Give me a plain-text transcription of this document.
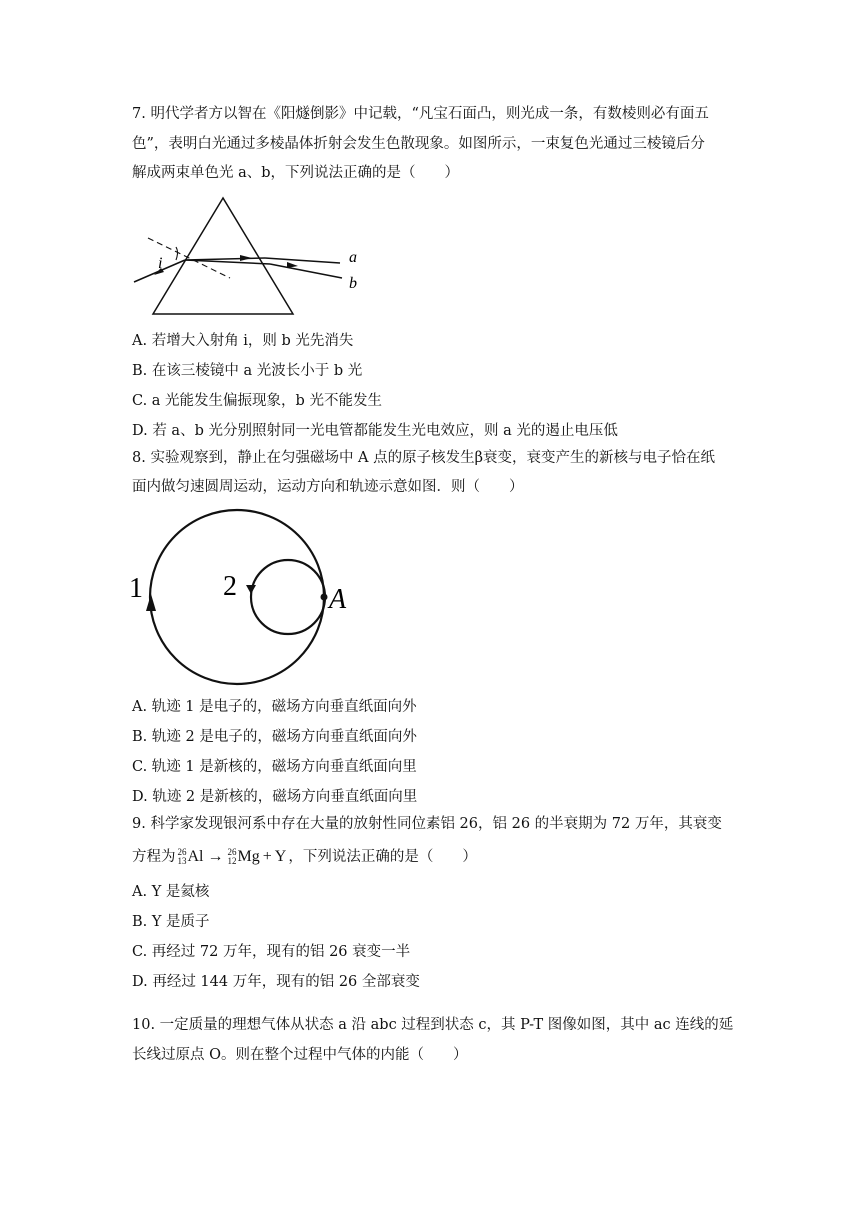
7. 明代学者方以智在《阳燧倒影》中记载，“凡宝石面凸，则光成一条，有数棱则必有面五
色”，表明白光通过多棱晶体折射会发生色散现象。如图所示，一束复色光通过三棱镜后分
解成两束单色光 a、b，下列说法正确的是（　　）
i	a
b
A. 若增大入射角 i，则 b 光先消失
B. 在该三棱镜中 a 光波长小于 b 光
C. a 光能发生偏振现象，b 光不能发生
D. 若 a、b 光分别照射同一光电管都能发生光电效应，则 a 光的遏止电压低
8. 实验观察到，静止在匀强磁场中 A 点的原子核发生β衰变，衰变产生的新核与电子恰在纸
面内做匀速圆周运动，运动方向和轨迹示意如图．则（　　）
1	2	A
A. 轨迹 1 是电子的，磁场方向垂直纸面向外
B. 轨迹 2 是电子的，磁场方向垂直纸面向外
C. 轨迹 1 是新核的，磁场方向垂直纸面向里
D. 轨迹 2 是新核的，磁场方向垂直纸面向里
9. 科学家发现银河系中存在大量的放射性同位素铝 26，铝 26 的半衰期为 72 万年，其衰变
方程为 26
13 Al → 26
12 Mg + Y ，下列说法正确的是（　　）
A. Y 是氦核
B. Y 是质子
C. 再经过 72 万年，现有的铝 26 衰变一半
D. 再经过 144 万年，现有的铝 26 全部衰变
10. 一定质量的理想气体从状态 a 沿 abc 过程到状态 c，其 P-T 图像如图，其中 ac 连线的延
长线过原点 O。则在整个过程中气体的内能（　　）
